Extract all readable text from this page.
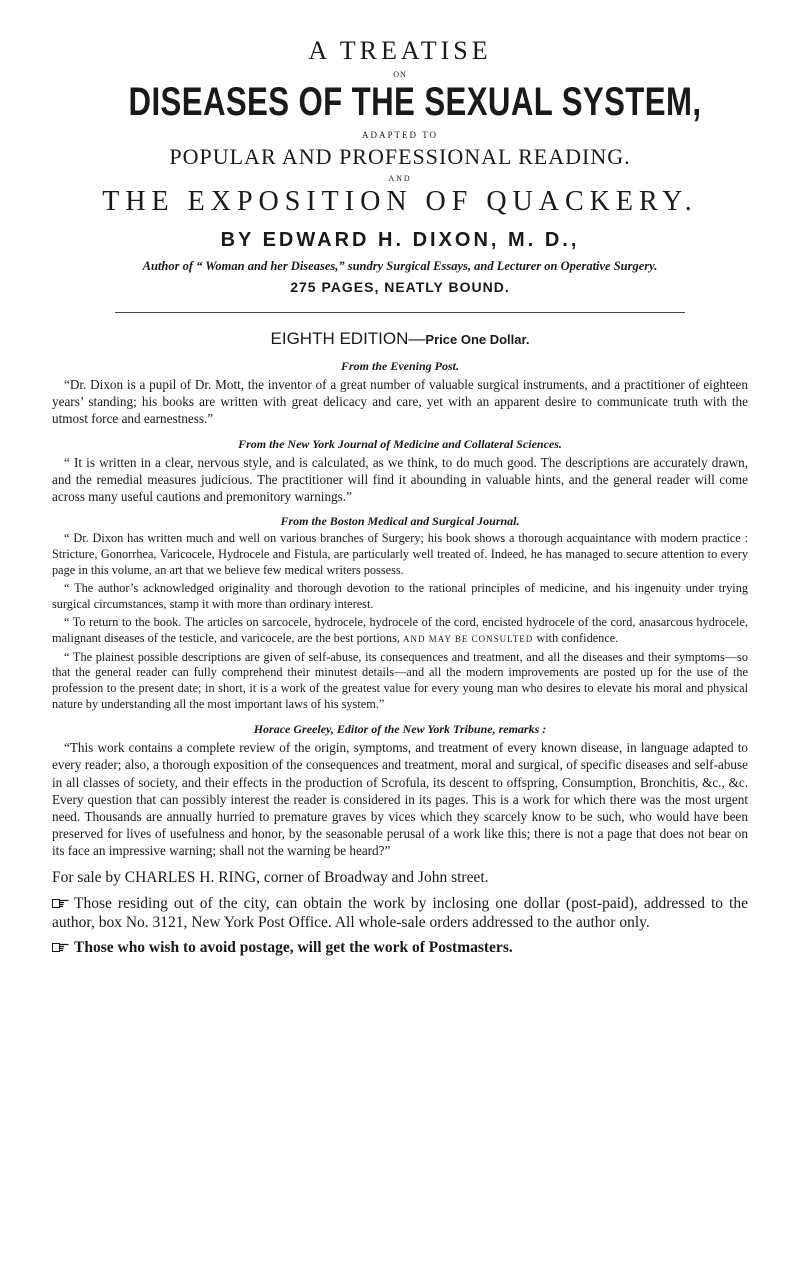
A TREATISE
ON
DISEASES OF THE SEXUAL SYSTEM,
ADAPTED TO
POPULAR AND PROFESSIONAL READING.
AND
THE EXPOSITION OF QUACKERY.
BY EDWARD H. DIXON, M. D.,
Author of “ Woman and her Diseases,” sundry Surgical Essays, and Lecturer on Operative Surgery.
275 PAGES, NEATLY BOUND.
EIGHTH EDITION—Price One Dollar.
From the Evening Post.

“Dr. Dixon is a pupil of Dr. Mott, the inventor of a great number of valuable surgical instruments, and a practitioner of eighteen years’ standing; his books are written with great delicacy and care, yet with an apparent desire to communicate truth with the utmost force and earnestness.”

From the New York Journal of Medicine and Collateral Sciences.

“ It is written in a clear, nervous style, and is calculated, as we think, to do much good. The descriptions are accurately drawn, and the remedial measures judicious. The practitioner will find it abounding in valuable hints, and the general reader will come across many useful cautions and premonitory warnings.”

From the Boston Medical and Surgical Journal.

“ Dr. Dixon has written much and well on various branches of Surgery; his book shows a thorough acquaintance with modern practice : Stricture, Gonorrhea, Varicocele, Hydrocele and Fistula, are particularly well treated of. Indeed, he has managed to secure attention to every page in this volume, an art that we believe few medical writers possess.

“ The author’s acknowledged originality and thorough devotion to the rational principles of medicine, and his ingenuity under trying surgical circumstances, stamp it with more than ordinary interest.

“ To return to the book. The articles on sarcocele, hydrocele, hydrocele of the cord, encisted hydrocele of the cord, anasarcous hydrocele, malignant diseases of the testicle, and varicocele, are the best portions, AND MAY BE CONSULTED with confidence.

“ The plainest possible descriptions are given of self-abuse, its consequences and treatment, and all the diseases and their symptoms—so that the general reader can fully comprehend their minutest details—and all the modern improvements are posted up for the use of the profession to the present date; in short, it is a work of the greatest value for every young man who desires to elevate his moral and physical nature by understanding all the most important laws of his system.”

Horace Greeley, Editor of the New York Tribune, remarks :

“This work contains a complete review of the origin, symptoms, and treatment of every known disease, in language adapted to every reader; also, a thorough exposition of the consequences and treatment, moral and surgical, of specific diseases and self-abuse in all classes of society, and their effects in the production of Scrofula, its descent to offspring, Consumption, Bronchitis, &c., &c. Every question that can possibly interest the reader is considered in its pages. This is a work for which there was the most urgent need. Thousands are annually hurried to premature graves by vices which they scarcely know to be such, who would have been preserved for lives of usefulness and honor, by the seasonable perusal of a work like this; there is not a page that does not bear on its face an impressive warning; shall not the warning be heard?”

For sale by CHARLES H. RING, corner of Broadway and John street.
Those residing out of the city, can obtain the work by inclosing one dollar (post-paid), addressed to the author, box No. 3121, New York Post Office. All whole-sale orders addressed to the author only.
Those who wish to avoid postage, will get the work of Postmasters.
